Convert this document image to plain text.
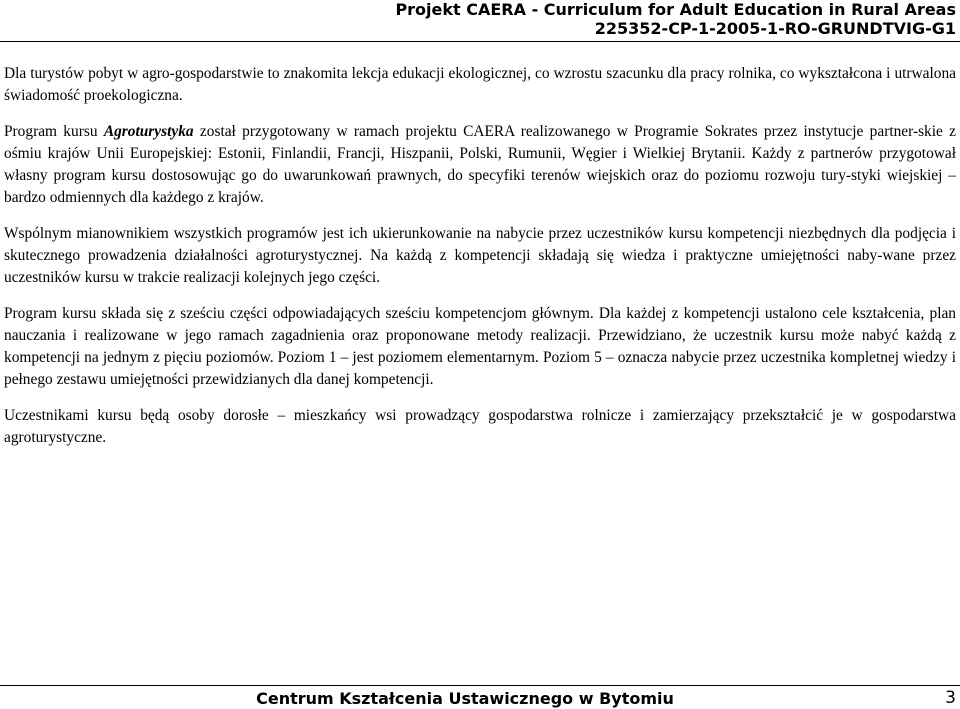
Projekt CAERA - Curriculum for Adult Education in Rural Areas
225352-CP-1-2005-1-RO-GRUNDTVIG-G1

Dla turystów pobyt w agro-gospodarstwie to znakomita lekcja edukacji ekologicznej, co wzrostu szacunku dla pracy rolnika, co wykształcona i utrwalona świadomość proekologiczna.

Program kursu Agroturystyka został przygotowany w ramach projektu CAERA realizowanego w Programie Sokrates przez instytucje partner-skie z ośmiu krajów Unii Europejskiej: Estonii, Finlandii, Francji, Hiszpanii, Polski, Rumunii, Węgier i Wielkiej Brytanii. Każdy z partnerów przygotował własny program kursu dostosowując go do uwarunkowań prawnych, do specyfiki terenów wiejskich oraz do poziomu rozwoju tury-styki wiejskiej – bardzo odmiennych dla każdego z krajów.

Wspólnym mianownikiem wszystkich programów jest ich ukierunkowanie na nabycie przez uczestników kursu kompetencji niezbędnych dla podjęcia i skutecznego prowadzenia działalności agroturystycznej. Na każdą z kompetencji składają się wiedza i praktyczne umiejętności naby-wane przez uczestników kursu w trakcie realizacji kolejnych jego części.

Program kursu składa się z sześciu części odpowiadających sześciu kompetencjom głównym. Dla każdej z kompetencji ustalono cele kształcenia, plan nauczania i realizowane w jego ramach zagadnienia oraz proponowane metody realizacji. Przewidziano, że uczestnik kursu może nabyć każdą z kompetencji na jednym z pięciu poziomów. Poziom 1 – jest poziomem elementarnym. Poziom 5 – oznacza nabycie przez uczestnika kompletnej wiedzy i pełnego zestawu umiejętności przewidzianych dla danej kompetencji.

Uczestnikami kursu będą osoby dorosłe – mieszkańcy wsi prowadzący gospodarstwa rolnicze i zamierzający przekształcić je w gospodarstwa agroturystyczne.

Centrum Kształcenia Ustawicznego w Bytomiu	3
